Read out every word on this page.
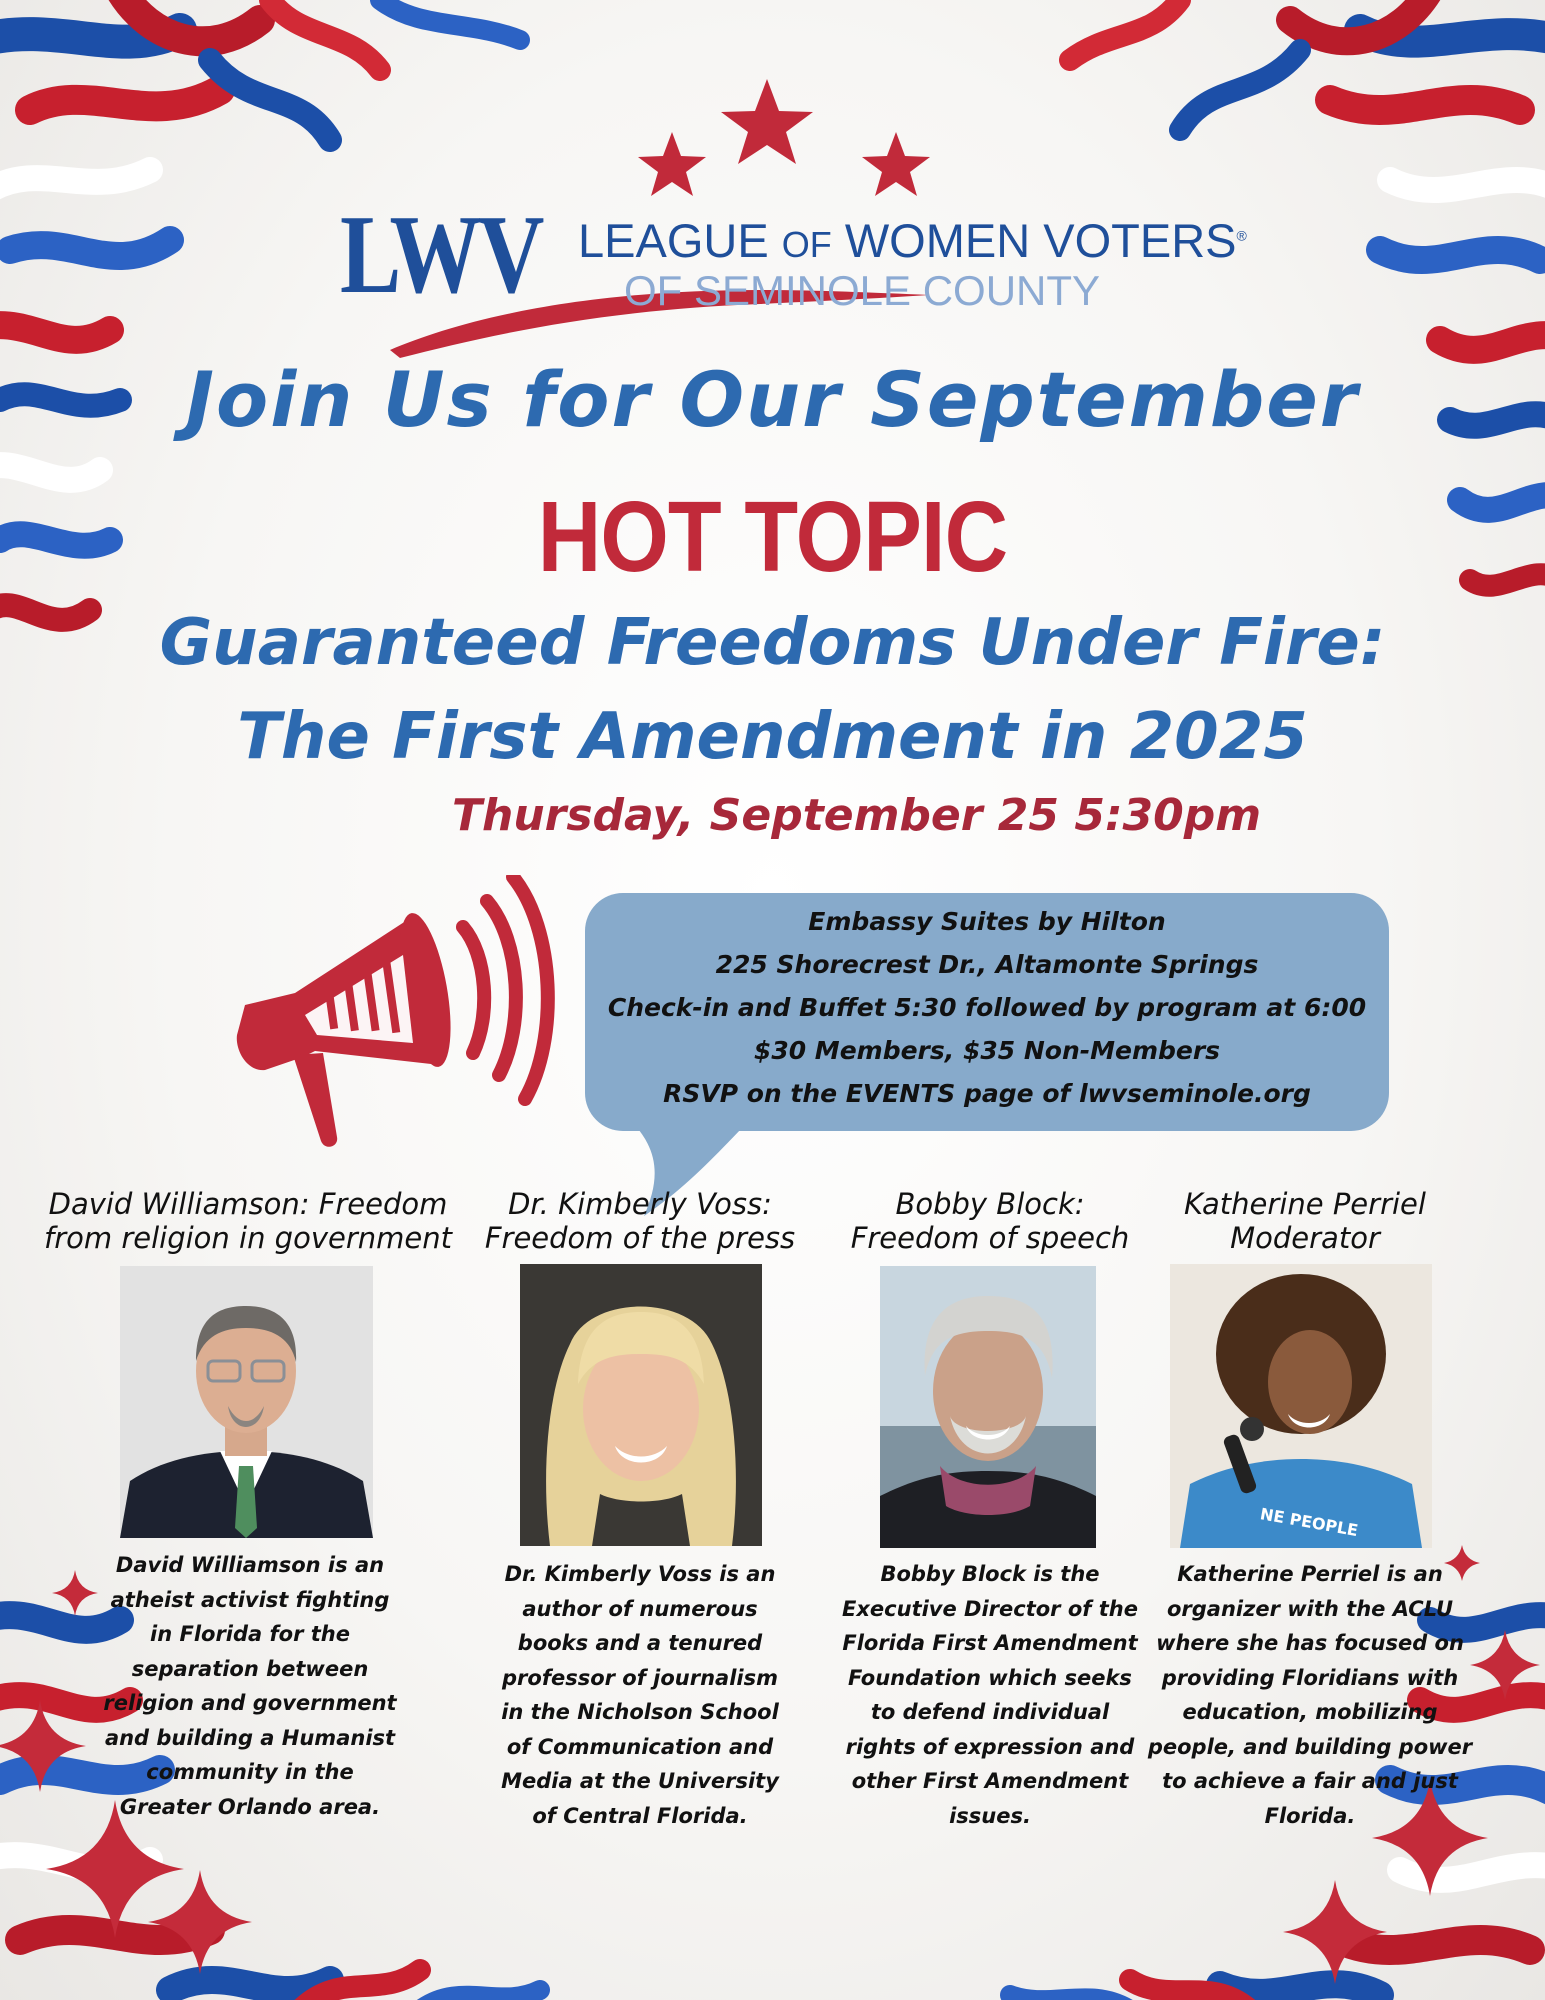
LWV LEAGUE OF WOMEN VOTERS®
OF SEMINOLE COUNTY
Join Us for Our September
HOT TOPIC
Guaranteed Freedoms Under Fire:
The First Amendment in 2025
Thursday, September 25 5:30pm
Embassy Suites by Hilton
225 Shorecrest Dr., Altamonte Springs
Check-in and Buffet 5:30 followed by program at 6:00
$30 Members, $35 Non-Members
RSVP on the EVENTS page of lwvseminole.org
David Williamson: Freedom
from religion in government
David Williamson is an
atheist activist fighting
in Florida for the
separation between
religion and government
and building a Humanist
community in the
Greater Orlando area.
Dr. Kimberly Voss:
Freedom of the press
Dr. Kimberly Voss is an
author of numerous
books and a tenured
professor of journalism
in the Nicholson School
of Communication and
Media at the University
of Central Florida.
Bobby Block:
Freedom of speech
Bobby Block is the
Executive Director of the
Florida First Amendment
Foundation which seeks
to defend individual
rights of expression and
other First Amendment
issues.
Katherine Perriel
Moderator
NE PEOPLE
Katherine Perriel is an
organizer with the ACLU
where she has focused on
providing Floridians with
education, mobilizing
people, and building power
to achieve a fair and just
Florida.
